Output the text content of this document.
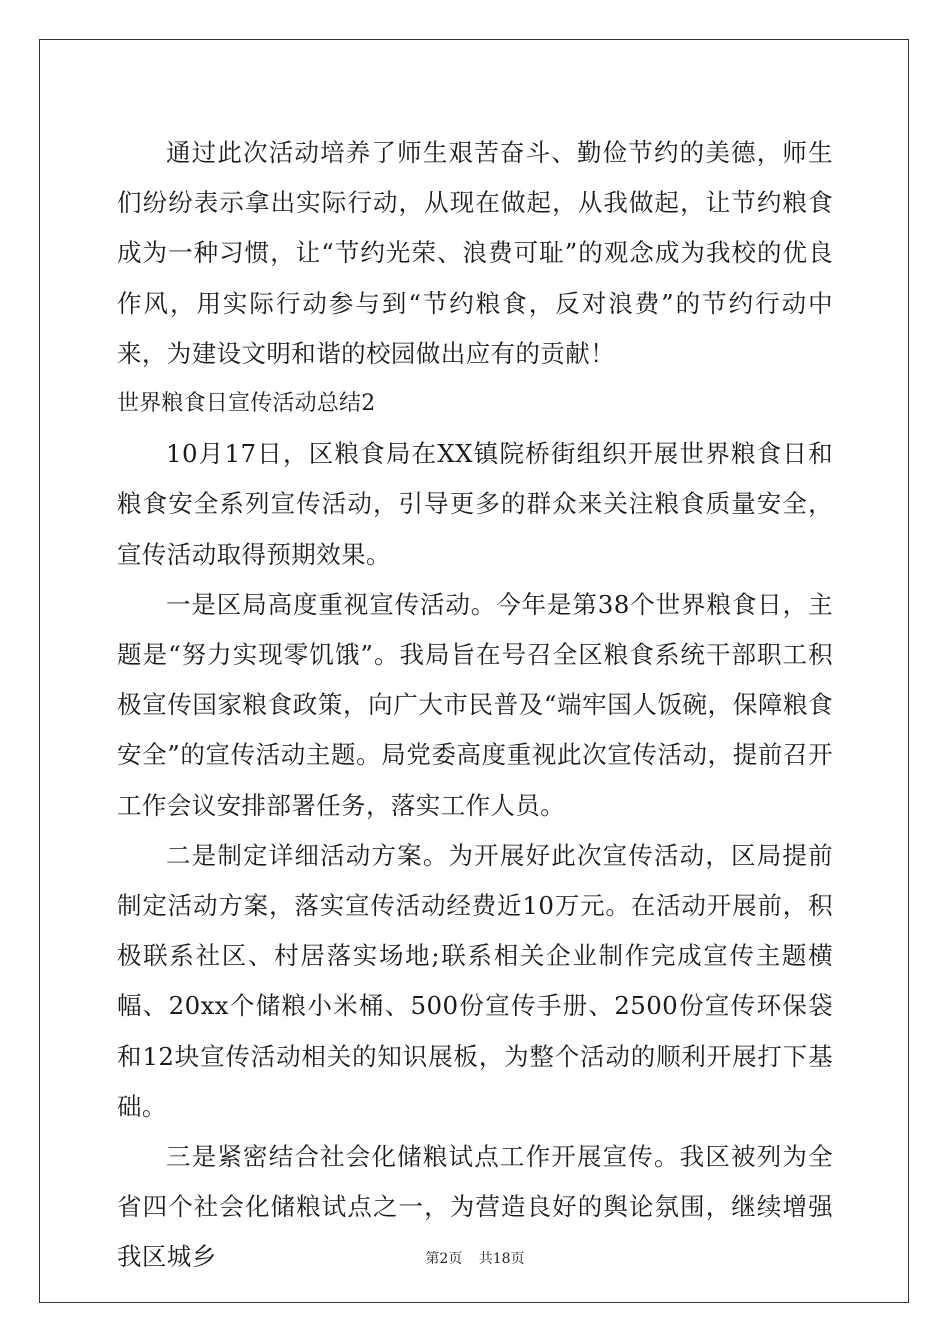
通过此次活动培养了师生艰苦奋斗、勤俭节约的美德，师生们纷纷表示拿出实际行动，从现在做起，从我做起，让节约粮食成为一种习惯，让“节约光荣、浪费可耻”的观念成为我校的优良作风，用实际行动参与到“节约粮食，反对浪费”的节约行动中来，为建设文明和谐的校园做出应有的贡献！

世界粮食日宣传活动总结2

10月17日，区粮食局在XX镇院桥街组织开展世界粮食日和粮食安全系列宣传活动，引导更多的群众来关注粮食质量安全，宣传活动取得预期效果。

一是区局高度重视宣传活动。今年是第38个世界粮食日，主题是“努力实现零饥饿”。我局旨在号召全区粮食系统干部职工积极宣传国家粮食政策，向广大市民普及“端牢国人饭碗，保障粮食安全”的宣传活动主题。局党委高度重视此次宣传活动，提前召开工作会议安排部署任务，落实工作人员。

二是制定详细活动方案。为开展好此次宣传活动，区局提前制定活动方案，落实宣传活动经费近10万元。在活动开展前，积极联系社区、村居落实场地;联系相关企业制作完成宣传主题横幅、20xx个储粮小米桶、500份宣传手册、2500份宣传环保袋和12块宣传活动相关的知识展板，为整个活动的顺利开展打下基础。

三是紧密结合社会化储粮试点工作开展宣传。我区被列为全省四个社会化储粮试点之一，为营造良好的舆论氛围，继续增强我区城乡	第2页 共18页
